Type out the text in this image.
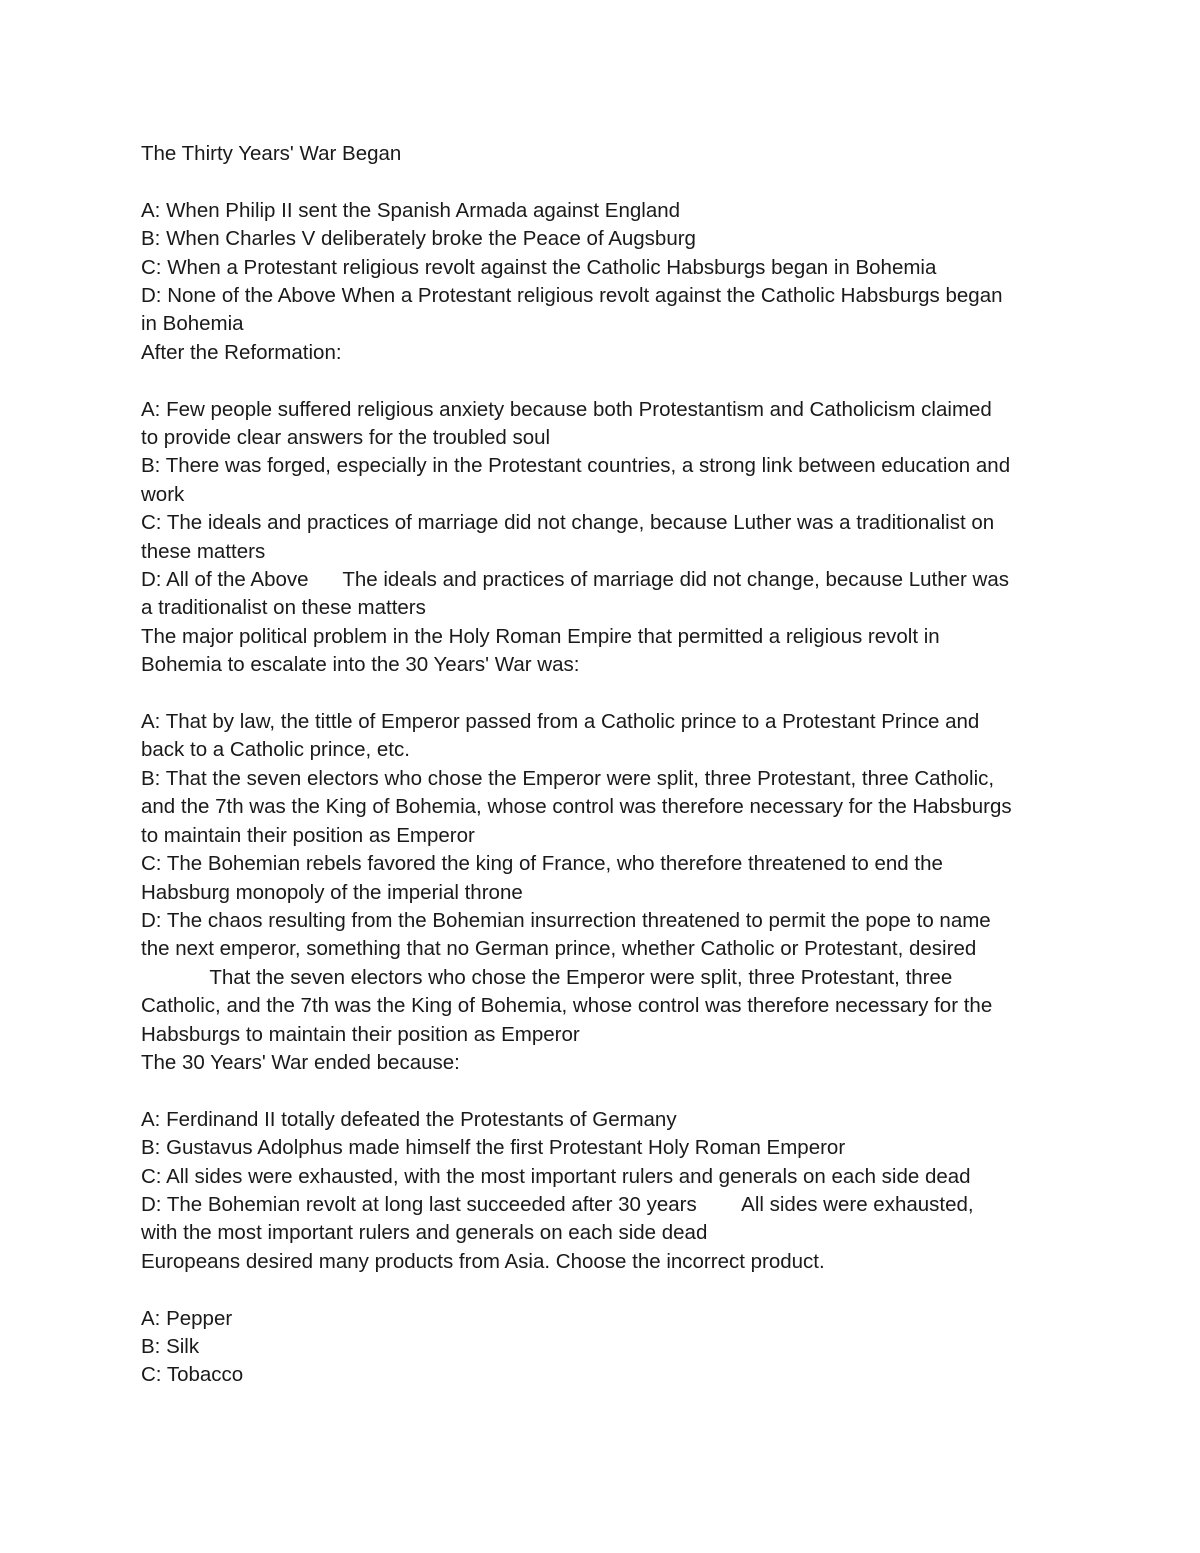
The Thirty Years' War Began

A: When Philip II sent the Spanish Armada against England

B: When Charles V deliberately broke the Peace of Augsburg

C: When a Protestant religious revolt against the Catholic Habsburgs began in Bohemia

D: None of the Above When a Protestant religious revolt against the Catholic Habsburgs began

in Bohemia

After the Reformation:

A: Few people suffered religious anxiety because both Protestantism and Catholicism claimed

to provide clear answers for the troubled soul

B: There was forged, especially in the Protestant countries, a strong link between education and

work

C: The ideals and practices of marriage did not change, because Luther was a traditionalist on

these matters

D: All of the Above      The ideals and practices of marriage did not change, because Luther was

a traditionalist on these matters

The major political problem in the Holy Roman Empire that permitted a religious revolt in

Bohemia to escalate into the 30 Years' War was:

A: That by law, the tittle of Emperor passed from a Catholic prince to a Protestant Prince and

back to a Catholic prince, etc.

B: That the seven electors who chose the Emperor were split, three Protestant, three Catholic,

and the 7th was the King of Bohemia, whose control was therefore necessary for the Habsburgs

to maintain their position as Emperor

C: The Bohemian rebels favored the king of France, who therefore threatened to end the

Habsburg monopoly of the imperial throne

D: The chaos resulting from the Bohemian insurrection threatened to permit the pope to name

the next emperor, something that no German prince, whether Catholic or Protestant, desired

That the seven electors who chose the Emperor were split, three Protestant, three

Catholic, and the 7th was the King of Bohemia, whose control was therefore necessary for the

Habsburgs to maintain their position as Emperor

The 30 Years' War ended because:

A: Ferdinand II totally defeated the Protestants of Germany

B: Gustavus Adolphus made himself the first Protestant Holy Roman Emperor

C: All sides were exhausted, with the most important rulers and generals on each side dead

D: The Bohemian revolt at long last succeeded after 30 years        All sides were exhausted,

with the most important rulers and generals on each side dead

Europeans desired many products from Asia. Choose the incorrect product.

A: Pepper

B: Silk

C: Tobacco
